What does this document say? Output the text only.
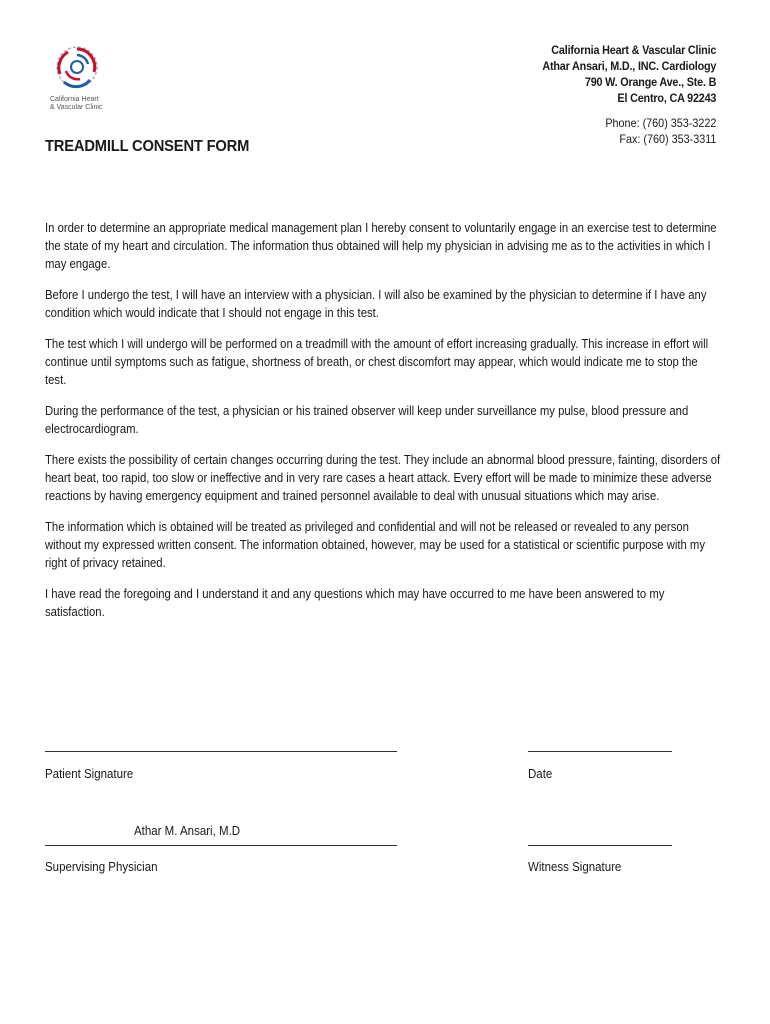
California Heart
& Vascular Clinic
California Heart & Vascular Clinic
Athar Ansari, M.D., INC. Cardiology
790 W. Orange Ave., Ste. B
El Centro, CA 92243
Phone: (760) 353-3222
Fax: (760) 353-3311
TREADMILL CONSENT FORM

In order to determine an appropriate medical management plan I hereby consent to voluntarily engage in an exercise test to determine the state of my heart and circulation. The information thus obtained will help my physician in advising me as to the activities in which I may engage.

Before I undergo the test, I will have an interview with a physician. I will also be examined by the physician to determine if I have any condition which would indicate that I should not engage in this test.

The test which I will undergo will be performed on a treadmill with the amount of effort increasing gradually. This increase in effort will continue until symptoms such as fatigue, shortness of breath, or chest discomfort may appear, which would indicate me to stop the test.

During the performance of the test, a physician or his trained observer will keep under surveillance my pulse, blood pressure and electrocardiogram.

There exists the possibility of certain changes occurring during the test. They include an abnormal blood pressure, fainting, disorders of heart beat, too rapid, too slow or ineffective and in very rare cases a heart attack. Every effort will be made to minimize these adverse reactions by having emergency equipment and trained personnel available to deal with unusual situations which may arise.

The information which is obtained will be treated as privileged and confidential and will not be released or revealed to any person without my expressed written consent. The information obtained, however, may be used for a statistical or scientific purpose with my right of privacy retained.

I have read the foregoing and I understand it and any questions which may have occurred to me have been answered to my satisfaction.

Patient Signature	Date
Athar M. Ansari, M.D
Supervising Physician	Witness Signature
